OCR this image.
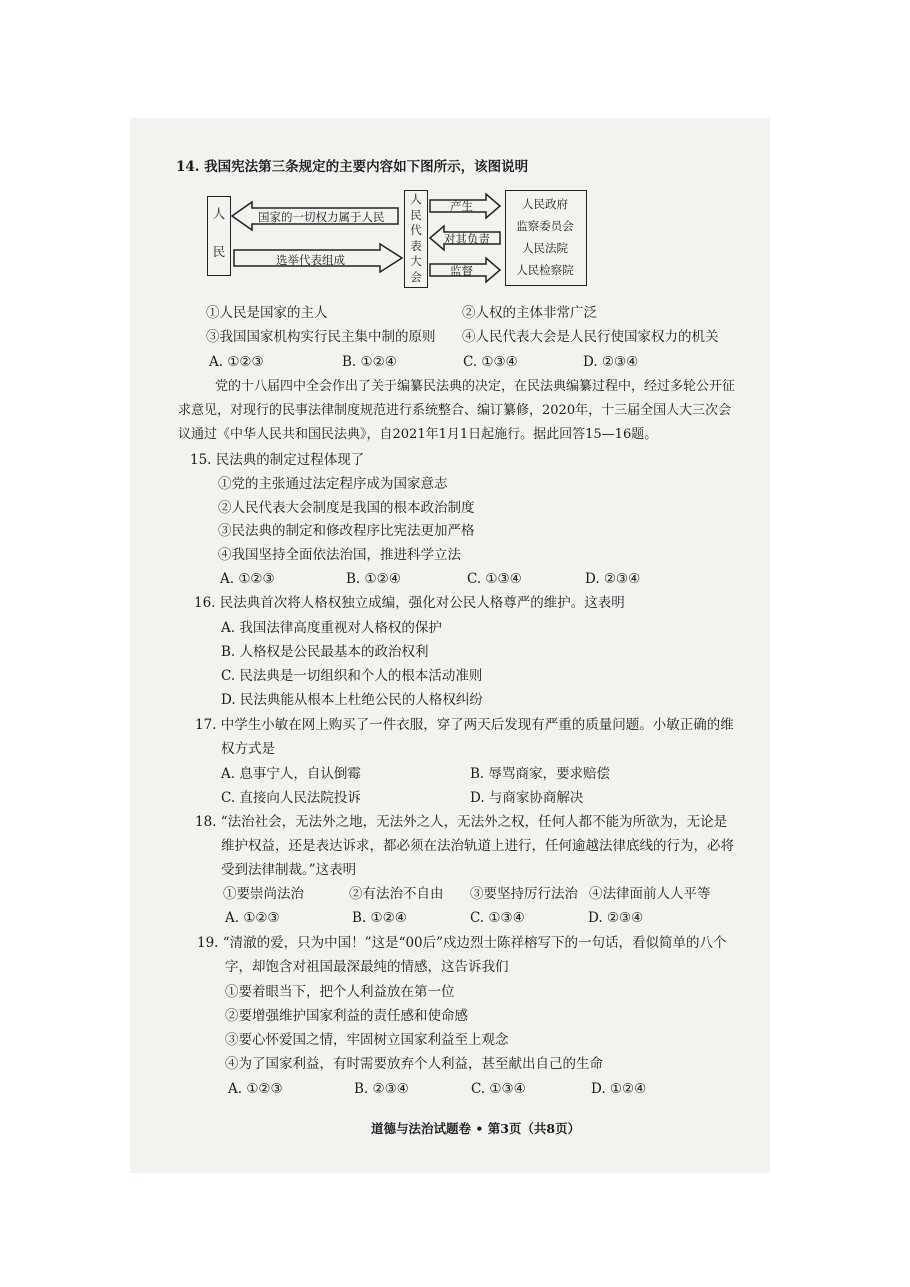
14. 我国宪法第三条规定的主要内容如下图所示，该图说明
人
民
国家的一切权力属于人民
选举代表组成
人
民
代
表
大
会
产生
对其负责
监督
人民政府
监察委员会
人民法院
人民检察院
①人民是国家的主人	②人权的主体非常广泛
③我国国家机构实行民主集中制的原则 ④人民代表大会是人民行使国家权力的机关
A. ①②③	B. ①②④	C. ①③④	D. ②③④
党的十八届四中全会作出了关于编纂民法典的决定，在民法典编纂过程中，经过多轮公开征
求意见，对现行的民事法律制度规范进行系统整合、编订纂修，2020年，十三届全国人大三次会
议通过《中华人民共和国民法典》，自2021年1月1日起施行。据此回答15—16题。
15. 民法典的制定过程体现了
①党的主张通过法定程序成为国家意志
②人民代表大会制度是我国的根本政治制度
③民法典的制定和修改程序比宪法更加严格
④我国坚持全面依法治国，推进科学立法
A. ①②③	B. ①②④	C. ①③④	D. ②③④
16. 民法典首次将人格权独立成编，强化对公民人格尊严的维护。这表明
A. 我国法律高度重视对人格权的保护
B. 人格权是公民最基本的政治权利
C. 民法典是一切组织和个人的根本活动准则
D. 民法典能从根本上杜绝公民的人格权纠纷
17. 中学生小敏在网上购买了一件衣服，穿了两天后发现有严重的质量问题。小敏正确的维
权方式是
A. 息事宁人，自认倒霉	B. 辱骂商家，要求赔偿
C. 直接向人民法院投诉	D. 与商家协商解决
18. “法治社会，无法外之地，无法外之人，无法外之权，任何人都不能为所欲为，无论是
维护权益，还是表达诉求，都必须在法治轨道上进行，任何逾越法律底线的行为，必将
受到法律制裁。”这表明
①要崇尚法治	②有法治不自由 ③要坚持厉行法治 ④法律面前人人平等
A. ①②③	B. ①②④	C. ①③④	D. ②③④
19. “清澈的爱，只为中国！”这是“00后”戍边烈士陈祥榕写下的一句话，看似简单的八个
字，却饱含对祖国最深最纯的情感，这告诉我们
①要着眼当下，把个人利益放在第一位
②要增强维护国家利益的责任感和使命感
③要心怀爱国之情，牢固树立国家利益至上观念
④为了国家利益，有时需要放弃个人利益，甚至献出自己的生命
A. ①②③	B. ②③④	C. ①③④	D. ①②④
道德与法治试题卷 • 第3页（共8页）
